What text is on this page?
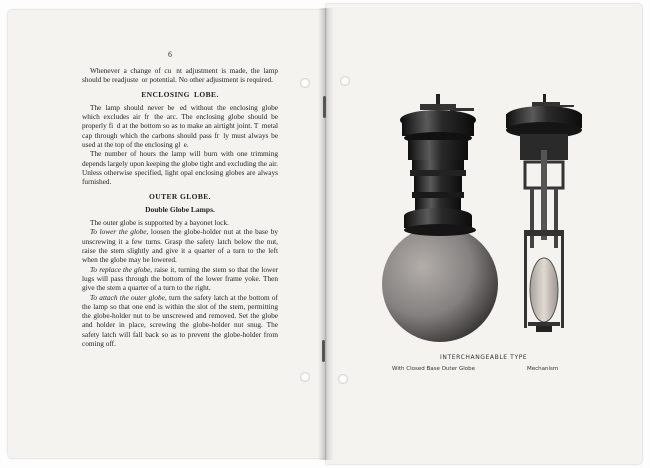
6

Whenever a change of cu  nt adjustment is made, the lamp should be readjuste  or potential. No other adjustment is required.

ENCLOSING  LOBE.

The lamp should never be  ed without the enclosing globe which excludes air fr  the arc. The enclosing globe should be properly fi  d at the bottom so as to make an airtight joint. T  metal cap through which the carbons should pass fr  ly must always be used at the top of the enclosing gl  e.

The number of hours the lamp will burn with one trimming depends largely upon keeping the globe tight and excluding the air. Unless otherwise specified, light opal enclosing globes are always furnished.

OUTER GLOBE.
Double Globe Lamps.

The outer globe is supported by a bayonet lock.

To lower the globe, loosen the globe-holder nut at the base by unscrewing it a few turns. Grasp the safety latch below the nut, raise the stem slightly and give it a quarter of a turn to the left when the globe may be lowered.

To replace the globe, raise it, turning the stem so that the lower lugs will pass through the bottom of the lower frame yoke. Then give the stem a quarter of a turn to the right.

To attach the outer globe, turn the safety latch at the bottom of the lamp so that one end is within the slot of the stem, permitting the globe-holder nut to be unscrewed and removed. Set the globe and holder in place, screwing the globe-holder nut snug. The safety latch will fall back so as to prevent the globe-holder from coming off.

INTERCHANGEABLE TYPE
With Closed Base Outer Globe	Mechanism
